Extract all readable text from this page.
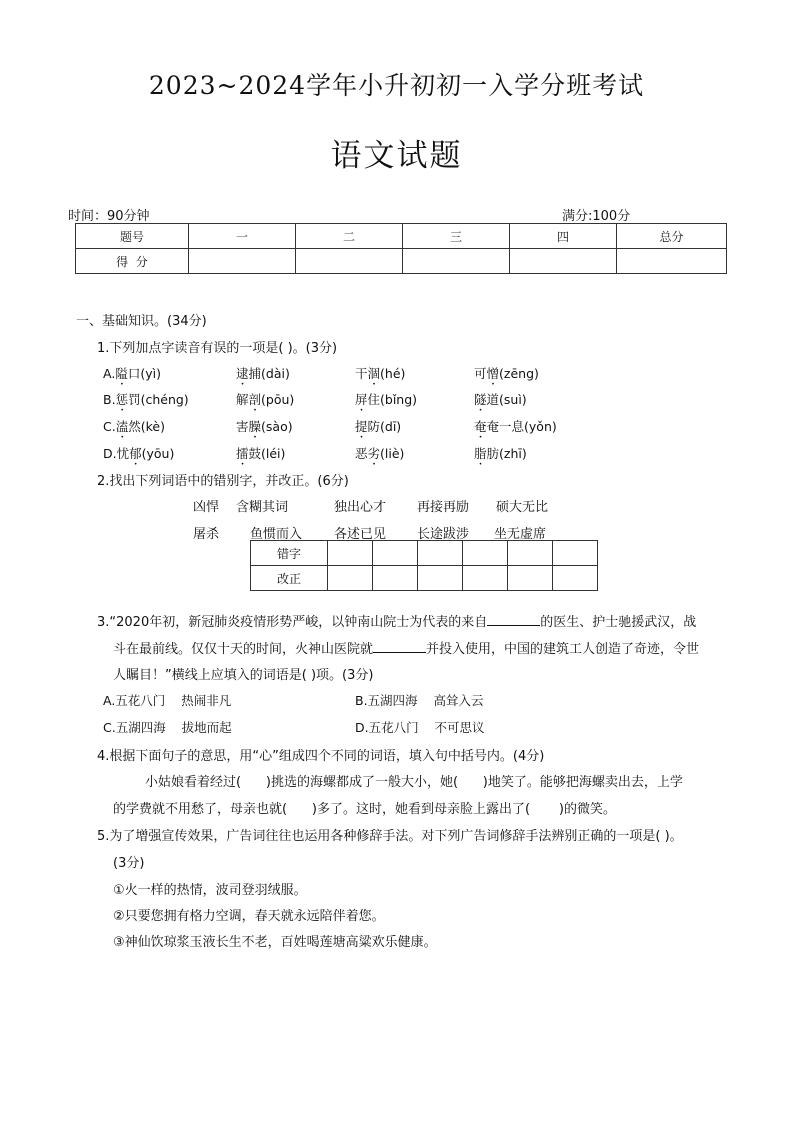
2023~2024学年小升初初一入学分班考试
语文试题
时间：90分钟	满分:100分
题号	一	二	三	四	总分
得  分					
一、基础知识。(34分)
1.下列加点字读音有误的一项是( )。(3分)
A.隘口(yì)	逮捕(dài)	干涸(hé)	可憎(zēng)
B.惩罚(chéng)	解剖(pōu)	屏住(bǐng)	隧道(suì)
C.溘然(kè)	害臊(sào)	提防(dī)	奄奄一息(yǒn)
D.忧郁(yōu)	擂鼓(léi)	恶劣(liè)	脂肪(zhī)
2.找出下列词语中的错别字，并改正。(6分)
凶悍 含糊其词	独出心才 再接再励 硕大无比
屠杀 鱼惯而入 各述已见 长途跋涉 坐无虚席
错字						
改正						
3.“2020年初，新冠肺炎疫情形势严峻，以钟南山院士为代表的来自	的医生、护士驰援武汉，战
斗在最前线。仅仅十天的时间，火神山医院就	并投入使用，中国的建筑工人创造了奇迹，令世
人瞩目！”横线上应填入的词语是( )项。(3分)
A.五花八门    热闹非凡	B.五湖四海    高耸入云
C.五湖四海    拔地而起	D.五花八门    不可思议
4.根据下面句子的意思，用“心”组成四个不同的词语，填入句中括号内。(4分)
小姑娘看着经过(      )挑选的海螺都成了一般大小，她(      )地笑了。能够把海螺卖出去，上学
的学费就不用愁了，母亲也就(      )多了。这时，她看到母亲脸上露出了(       )的微笑。
5.为了增强宣传效果，广告词往往也运用各种修辞手法。对下列广告词修辞手法辨别正确的一项是( )。
(3分)
①火一样的热情，波司登羽绒服。
②只要您拥有格力空调，春天就永远陪伴着您。
③神仙饮琼浆玉液长生不老，百姓喝莲塘高粱欢乐健康。
